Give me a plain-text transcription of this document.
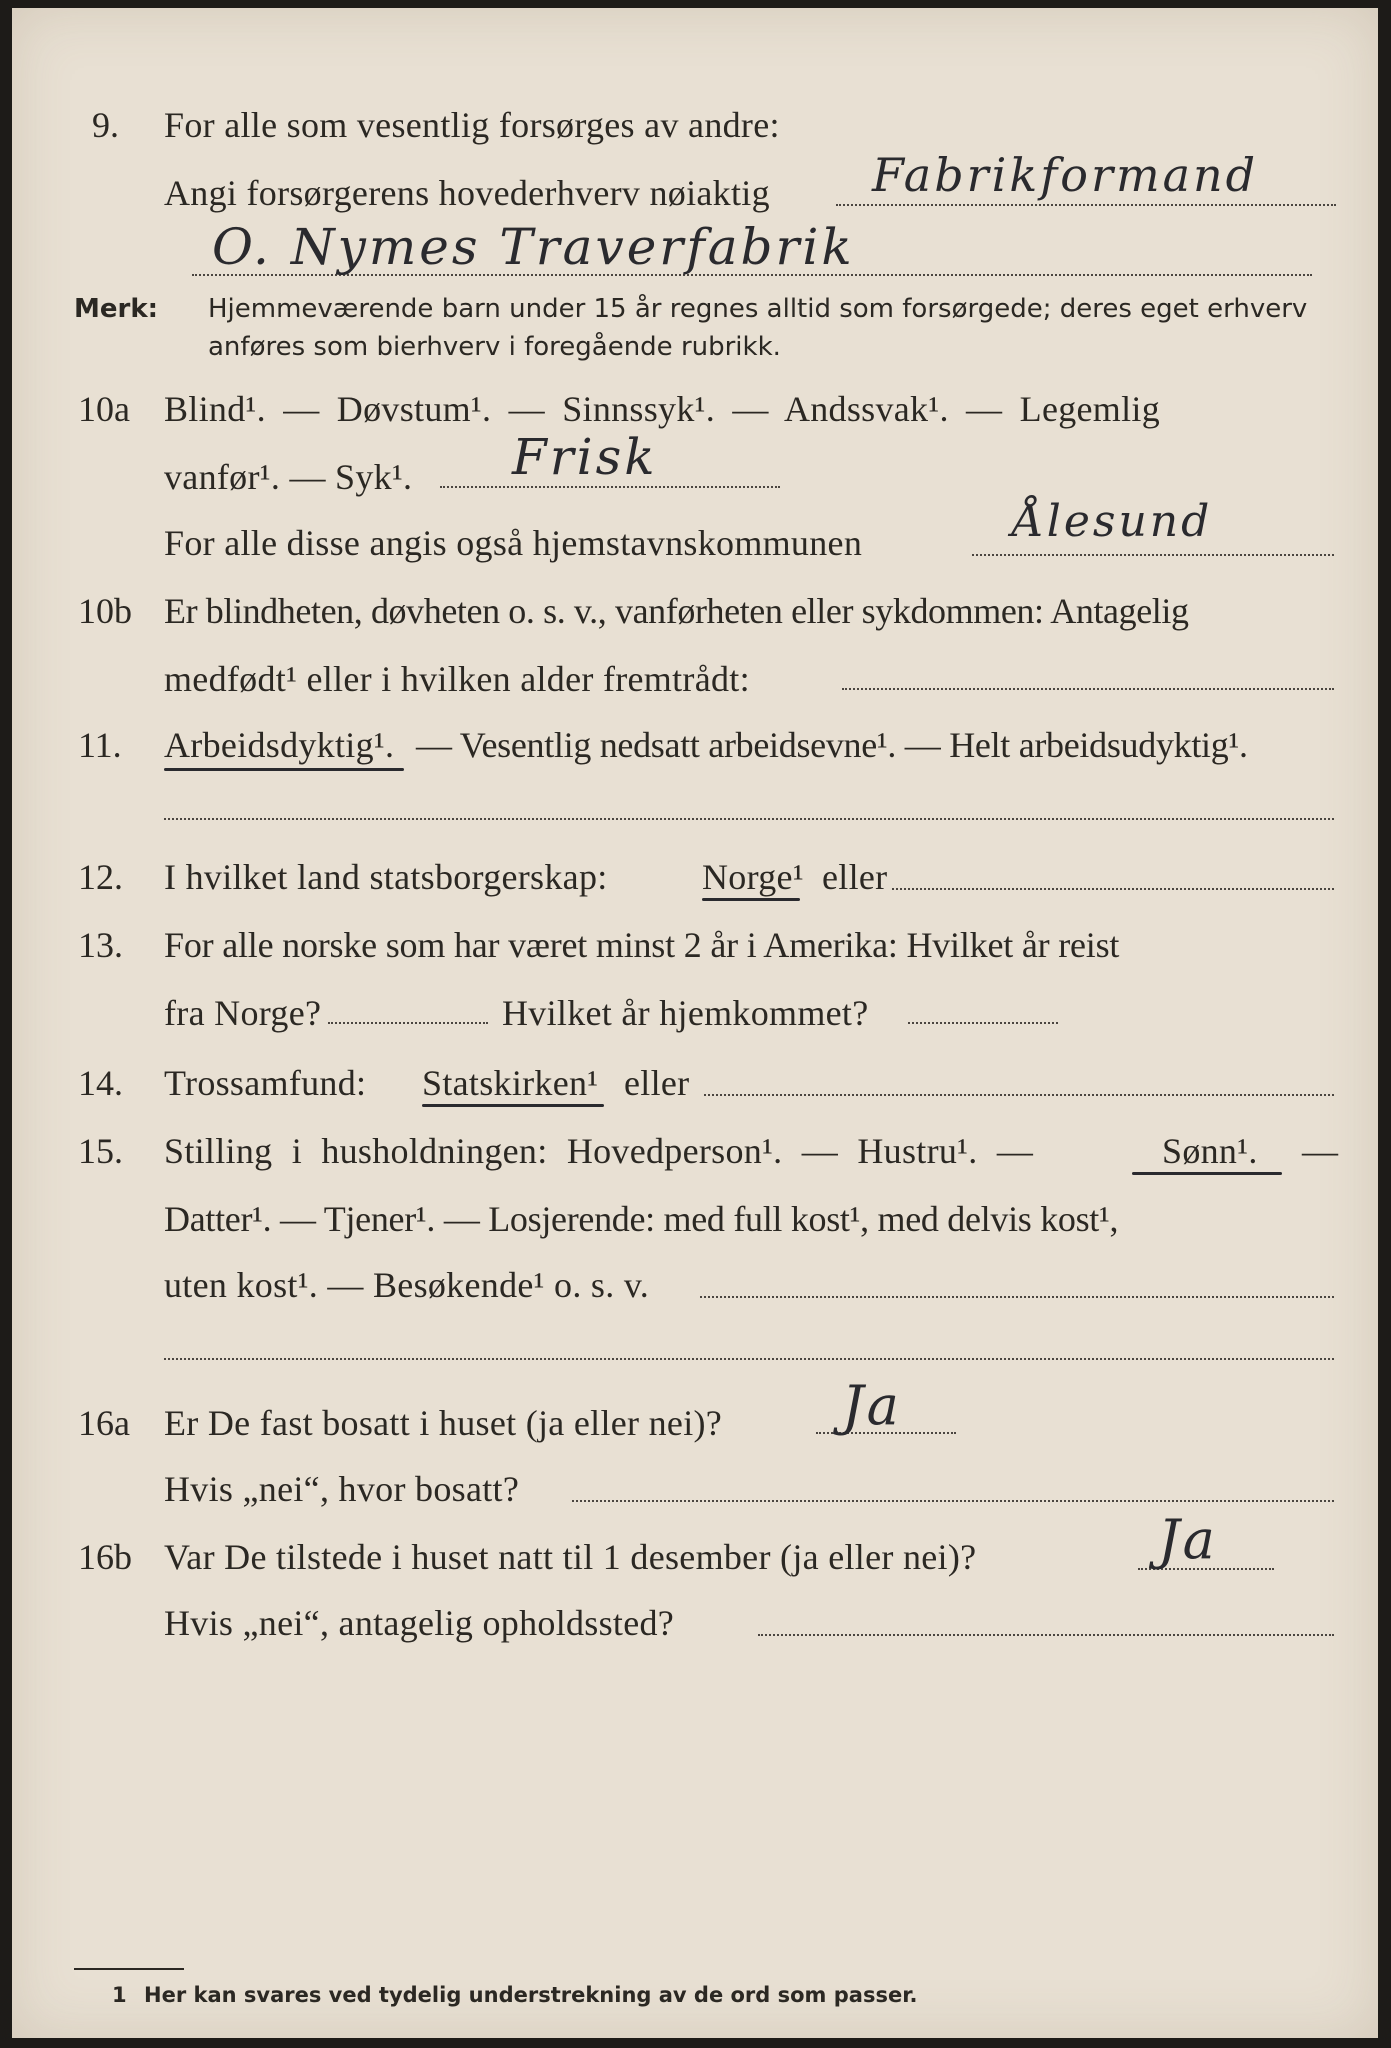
9. For alle som vesentlig forsørges av andre:
Angi forsørgerens hovederhverv nøiaktig Fabrikformand
O. Nymes Traverfabrik
Merk: Hjemmeværende barn under 15 år regnes alltid som forsørgede; deres eget erhverv
anføres som bierhverv i foregående rubrikk.
10a Blind¹. — Døvstum¹. — Sinnssyk¹. — Andssvak¹. — Legemlig
vanfør¹. — Syk¹. Frisk
For alle disse angis også hjemstavnskommunen	Ålesund
10b Er blindheten, døvheten o. s. v., vanførheten eller sykdommen: Antagelig
medfødt¹ eller i hvilken alder fremtrådt:
11. Arbeidsdyktig¹. — Vesentlig nedsatt arbeidsevne¹. — Helt arbeidsudyktig¹.
12. I hvilket land statsborgerskap:	Norge¹ eller
13. For alle norske som har været minst 2 år i Amerika: Hvilket år reist
fra Norge?	Hvilket år hjemkommet?
14. Trossamfund: Statskirken¹ eller
15. Stilling i husholdningen: Hovedperson¹. — Hustru¹. —	Sønn¹. —
Datter¹. — Tjener¹. — Losjerende: med full kost¹, med delvis kost¹,
uten kost¹. — Besøkende¹ o. s. v.
16a Er De fast bosatt i huset (ja eller nei)? Ja
Hvis „nei“, hvor bosatt?
16b Var De tilstede i huset natt til 1 desember (ja eller nei)?	Ja
Hvis „nei“, antagelig opholdssted?
1 Her kan svares ved tydelig understrekning av de ord som passer.
